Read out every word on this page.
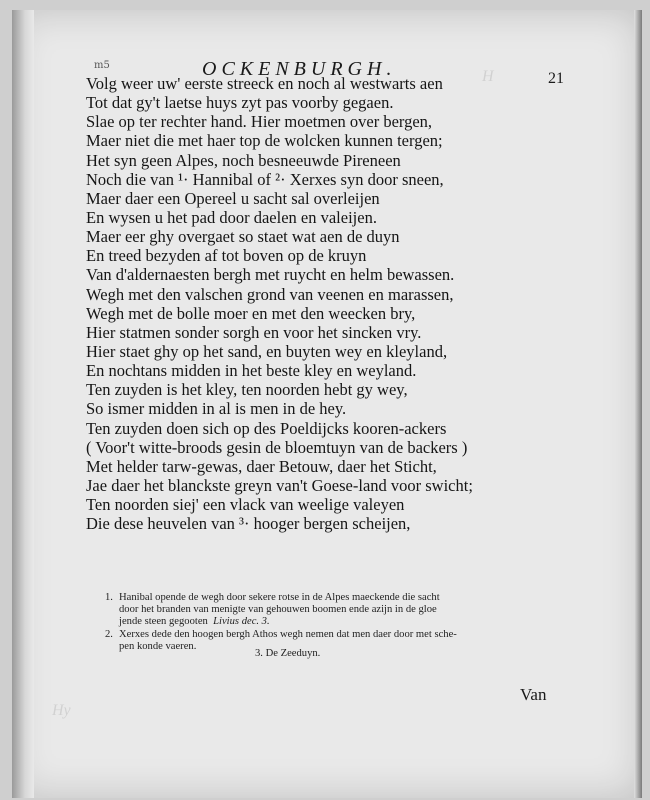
H
Hy
m5	OCKENBURGH.	21
Volg weer uw' eerste streeck en noch al westwarts aen
Tot dat gy't laetse huys zyt pas voorby gegaen.
Slae op ter rechter hand. Hier moetmen over bergen,
Maer niet die met haer top de wolcken kunnen tergen;
Het syn geen Alpes, noch besneeuwde Pireneen
Noch die van ¹· Hannibal of ²· Xerxes syn door sneen,
Maer daer een Opereel u sacht sal overleijen
En wysen u het pad door daelen en valeijen.
Maer eer ghy overgaet so staet wat aen de duyn
En treed bezyden af tot boven op de kruyn
Van d'aldernaesten bergh met ruycht en helm bewassen.
Wegh met den valschen grond van veenen en marassen,
Wegh met de bolle moer en met den weecken bry,
Hier statmen sonder sorgh en voor het sincken vry.
Hier staet ghy op het sand, en buyten wey en kleyland,
En nochtans midden in het beste kley en weyland.
Ten zuyden is het kley, ten noorden hebt gy wey,
So ismer midden in al is men in de hey.
Ten zuyden doen sich op des Poeldijcks kooren-ackers
( Voor't witte-broods gesin de bloemtuyn van de backers )
Met helder tarw-gewas, daer Betouw, daer het Sticht,
Jae daer het blanckste greyn van't Goese-land voor swicht;
Ten noorden siej' een vlack van weelige valeyen
Die dese heuvelen van ³· hooger bergen scheijen,
1. Hanibal opende de wegh door sekere rotse in de Alpes maeckende die sacht
door het branden van menigte van gehouwen boomen ende azijn in de gloe
jende steen gegooten Livius dec. 3.
2. Xerxes dede den hoogen bergh Athos wegh nemen dat men daer door met sche-
pen konde vaeren.
3. De Zeeduyn.
Van
